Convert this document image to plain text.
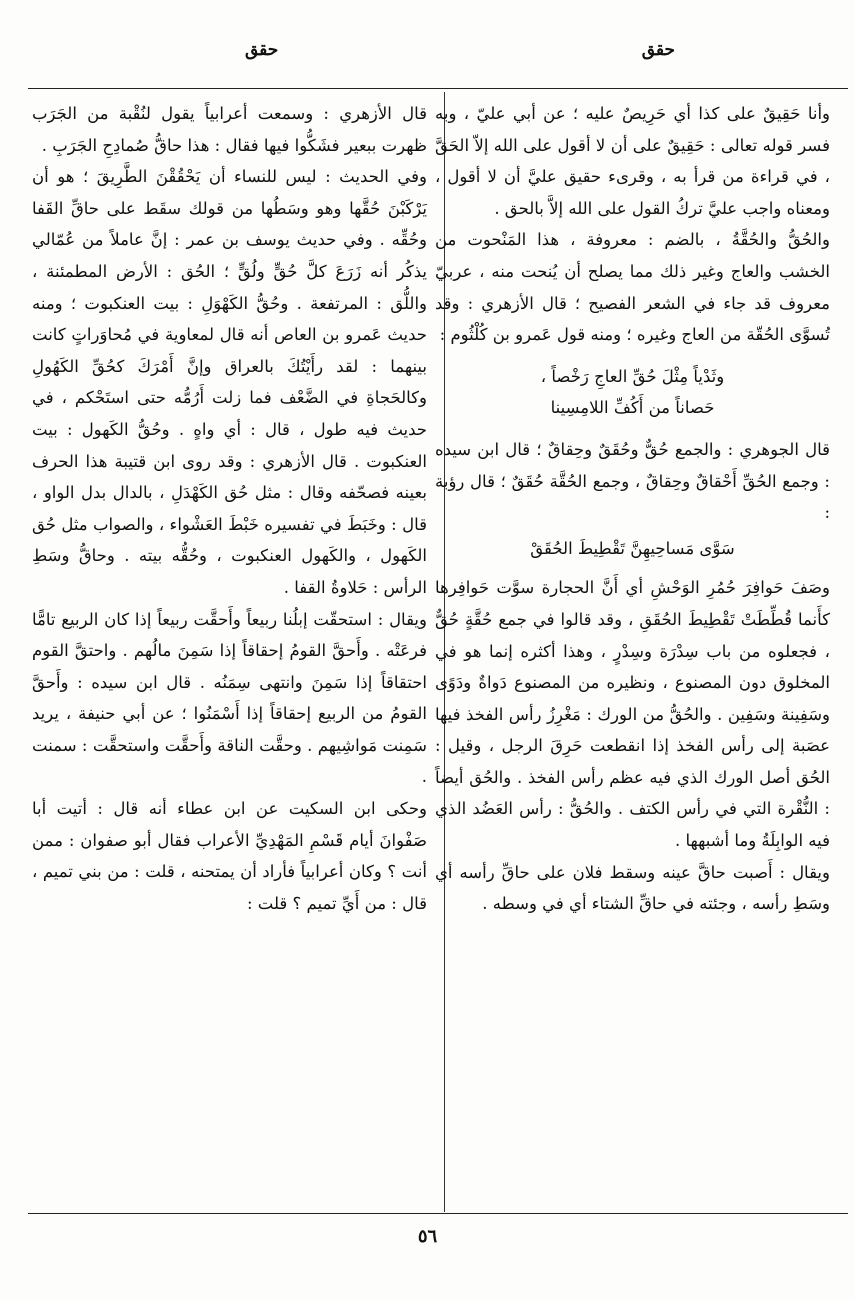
حقق
حقق

وأنا حَقِيقٌ على كذا أي حَرِيصٌ عليه ؛ عن أبي عليّ ، وبه فسر قوله تعالى : حَقِيقٌ على أن لا أقول على الله إلاّ الحَقَّ ، في قراءة من قرأ به ، وقرىء حقيق عليَّ أن لا أقول ، ومعناه واجب عليَّ تركُ القول على الله إلاَّ بالحق .

والحُقُّ والحُقَّةُ ، بالضم : معروفة ، هذا المَنْحوت من الخشب والعاج وغير ذلك مما يصلح أن يُنحت منه ، عربيّ معروف قد جاء في الشعر الفصيح ؛ قال الأزهري : وقد تُسوَّى الحُقّة من العاج وغيره ؛ ومنه قول عَمرو بن كُلْثُوم :

وثَدْياً مِثْلَ حُقِّ العاجِ رَخْصاً ،
حَصاناً من أَكُفِّ اللامِسِينا

قال الجوهري : والجمع حُقٌّ وحُقَقٌ وحِقاقٌ ؛ قال ابن سيده : وجمع الحُقِّ أَحْقاقٌ وحِقاقٌ ، وجمع الحُقَّة حُقَقٌ ؛ قال رؤبة :

سَوَّى مَساحِيهِنَّ تَقْطِيطَ الحُقَقْ

وصَفَ حَوافِرَ حُمُرِ الوَحْشِ أي أَنَّ الحجارة سوَّت حَوافِرها كأَنما قُطِّطَتْ تَقْطِيطَ الحُقَقِ ، وقد قالوا في جمع حُقَّةٍ حُقٌّ ، فجعلوه من باب سِدْرَة وسِدْرٍ ، وهذا أكثره إنما هو في المخلوق دون المصنوع ، ونظيره من المصنوع دَواةٌ ودَوًى وسَفِينة وسَفِين . والحُقُّ من الورك : مَغْرِزُ رأس الفخذ فيها عصَبة إلى رأس الفخذ إذا انقطعت حَرِقَ الرجل ، وقيل : الحُق أصل الورك الذي فيه عظم رأس الفخذ . والحُق أيضاً : النُّقْرة التي في رأس الكتف . والحُقُّ : رأس العَضُد الذي فيه الوابِلَةُ وما أشبهها .

ويقال : أَصبت حاقَّ عينه وسقط فلان على حاقِّ رأسه أي وسَطِ رأسه ، وجئته في حاقِّ الشتاء أي في وسطه .

قال الأزهري : وسمعت أعرابياً يقول لنُقْبة من الجَرَب ظهرت ببعير فشَكُّوا فيها فقال : هذا حاقُّ صُمادِحِ الجَرَبِ .

وفي الحديث : ليس للنساء أن يَحْقُقْنَ الطَّرِيقَ ؛ هو أن يَرْكَبْنَ حُقَّها وهو وسَطُها من قولك سقَط على حاقِّ القَفا وحُقِّه . وفي حديث يوسف بن عمر : إنَّ عاملاً من عُمّالي يذكُر أنه زَرَعَ كلَّ حُقٍّ ولُقٍّ ؛ الحُق : الأرض المطمئنة ، واللُّق : المرتفعة . وحُقُّ الكَهْوَلِ : بيت العنكبوت ؛ ومنه حديث عَمرو بن العاص أنه قال لمعاوية في مُحاوَراتٍ كانت بينهما : لقد رأَيْتُكَ بالعراق وإنَّ أَمْرَكَ كحُقِّ الكَهُولِ وكالحَجاةِ في الضَّعْف فما زلت أَرُمُّه حتى استَحْكم ، في حديث فيه طول ، قال : أي واهٍ . وحُقُّ الكَهول : بيت العنكبوت . قال الأزهري : وقد روى ابن قتيبة هذا الحرف بعينه فصحّفه وقال : مثل حُق الكَهْدَلِ ، بالدال بدل الواو ، قال : وخَبَطَ في تفسيره خَبْطَ العَشْواء ، والصواب مثل حُق الكَهول ، والكَهول العنكبوت ، وحُقُّه بيته . وحاقُّ وسَطِ الرأس : حَلاوةُ القفا .

ويقال : استحقّت إبلُنا ربيعاً وأَحقَّت ربيعاً إذا كان الربيع تامًّا فرعَتْه . وأَحقَّ القومُ إحقاقاً إذا سَمِنَ مالُهم . واحتقَّ القوم احتقاقاً إذا سَمِنَ وانتهى سِمَنُه . قال ابن سيده : وأَحقَّ القومُ من الربيع إحقاقاً إذا أَسْمَنُوا ؛ عن أبي حنيفة ، يريد سَمِنت مَواشِيهم . وحقَّت الناقة وأَحقَّت واستحقَّت : سمنت .

وحكى ابن السكيت عن ابن عطاء أنه قال : أتيت أبا صَفْوانَ أيام قَسْمِ المَهْدِيِّ الأعراب فقال أبو صفوان : ممن أنت ؟ وكان أعرابياً فأراد أن يمتحنه ، قلت : من بني تميم ، قال : من أَيِّ تميم ؟ قلت :

٥٦
